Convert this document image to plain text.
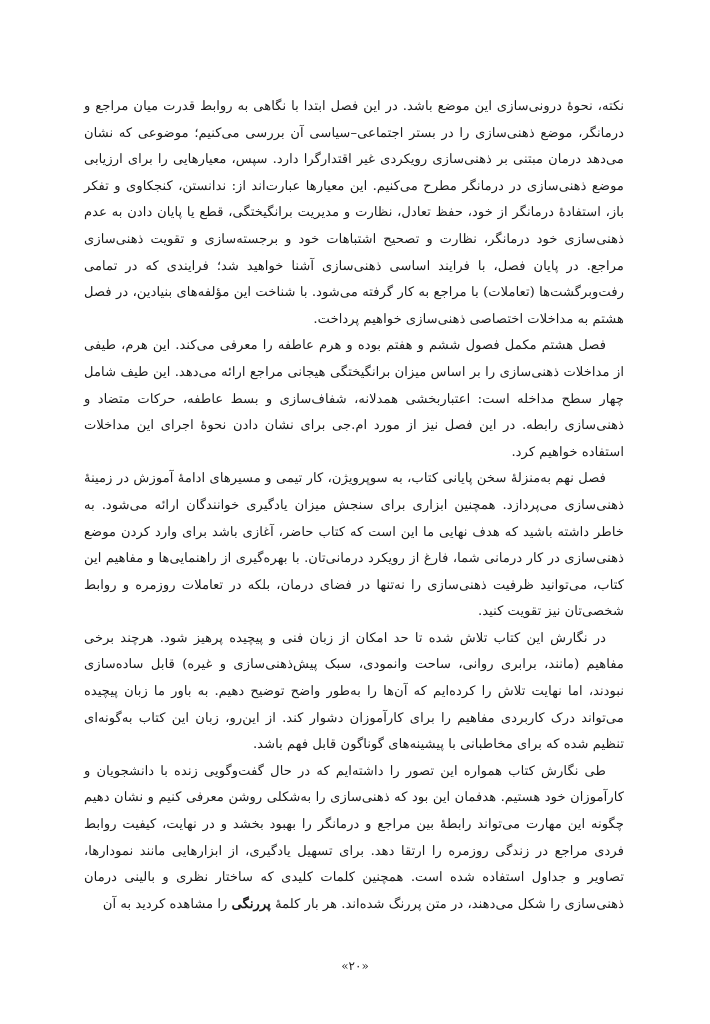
نکته، نحوهٔ درونی‌سازی این موضع باشد. در این فصل ابتدا با نگاهی به روابط قدرت میان مراجع و درمانگر، موضع ذهنی‌سازی را در بستر اجتماعی–سیاسی آن بررسی می‌کنیم؛ موضوعی که نشان می‌دهد درمان مبتنی بر ذهنی‌سازی رویکردی غیر اقتدارگرا دارد. سپس، معیارهایی را برای ارزیابی موضع ذهنی‌سازی در درمانگر مطرح می‌کنیم. این معیارها عبارت‌اند از: ندانستن، کنجکاوی و تفکر باز، استفادهٔ درمانگر از خود، حفظ تعادل، نظارت و مدیریت برانگیختگی، قطع یا پایان دادن به عدم ذهنی‌سازی خود درمانگر، نظارت و تصحیح اشتباهات خود و برجسته‌سازی و تقویت ذهنی‌سازی مراجع. در پایان فصل، با فرایند اساسی ذهنی‌سازی آشنا خواهید شد؛ فرایندی که در تمامی رفت‌وبرگشت‌ها (تعاملات) با مراجع به کار گرفته می‌شود. با شناخت این مؤلفه‌های بنیادین، در فصل هشتم به مداخلات اختصاصی ذهنی‌سازی خواهیم پرداخت.

فصل هشتم مکمل فصول ششم و هفتم بوده و هرم عاطفه را معرفی می‌کند. این هرم، طیفی از مداخلات ذهنی‌سازی را بر اساس میزان برانگیختگی هیجانی مراجع ارائه می‌دهد. این طیف شامل چهار سطح مداخله است: اعتباربخشی همدلانه، شفاف‌سازی و بسط عاطفه، حرکات متضاد و ذهنی‌سازی رابطه. در این فصل نیز از مورد ام.جی برای نشان دادن نحوهٔ اجرای این مداخلات استفاده خواهیم کرد.

فصل نهم به‌منزلهٔ سخن پایانی کتاب، به سوپرویژن، کار تیمی و مسیرهای ادامهٔ آموزش در زمینهٔ ذهنی‌سازی می‌پردازد. همچنین ابزاری برای سنجش میزان یادگیری خوانندگان ارائه می‌شود. به خاطر داشته باشید که هدف نهایی ما این است که کتاب حاضر، آغازی باشد برای وارد کردن موضع ذهنی‌سازی در کار درمانی شما، فارغ از رویکرد درمانی‌تان. با بهره‌گیری از راهنمایی‌ها و مفاهیم این کتاب، می‌توانید ظرفیت ذهنی‌سازی را نه‌تنها در فضای درمان، بلکه در تعاملات روزمره و روابط شخصی‌تان نیز تقویت کنید.

در نگارش این کتاب تلاش شده تا حد امکان از زبان فنی و پیچیده پرهیز شود. هرچند برخی مفاهیم (مانند، برابری روانی، ساحت وانمودی، سبک پیش‌ذهنی‌سازی و غیره) قابل ساده‌سازی نبودند، اما نهایت تلاش را کرده‌ایم که آن‌ها را به‌طور واضح توضیح دهیم. به باور ما زبان پیچیده می‌تواند درک کاربردی مفاهیم را برای کارآموزان دشوار کند. از این‌رو، زبان این کتاب به‌گونه‌ای تنظیم شده که برای مخاطبانی با پیشینه‌های گوناگون قابل فهم باشد.

طی نگارش کتاب همواره این تصور را داشته‌ایم که در حال گفت‌وگویی زنده با دانشجویان و کارآموزان خود هستیم. هدفمان این بود که ذهنی‌سازی را به‌شکلی روشن معرفی کنیم و نشان دهیم چگونه این مهارت می‌تواند رابطهٔ بین مراجع و درمانگر را بهبود بخشد و در نهایت، کیفیت روابط فردی مراجع در زندگی روزمره را ارتقا دهد. برای تسهیل یادگیری، از ابزارهایی مانند نمودارها، تصاویر و جداول استفاده شده است. همچنین کلمات کلیدی که ساختار نظری و بالینی درمان ذهنی‌سازی را شکل می‌دهند، در متن پررنگ شده‌اند. هر بار کلمهٔ پررنگی را مشاهده کردید به آن

«۲۰»
